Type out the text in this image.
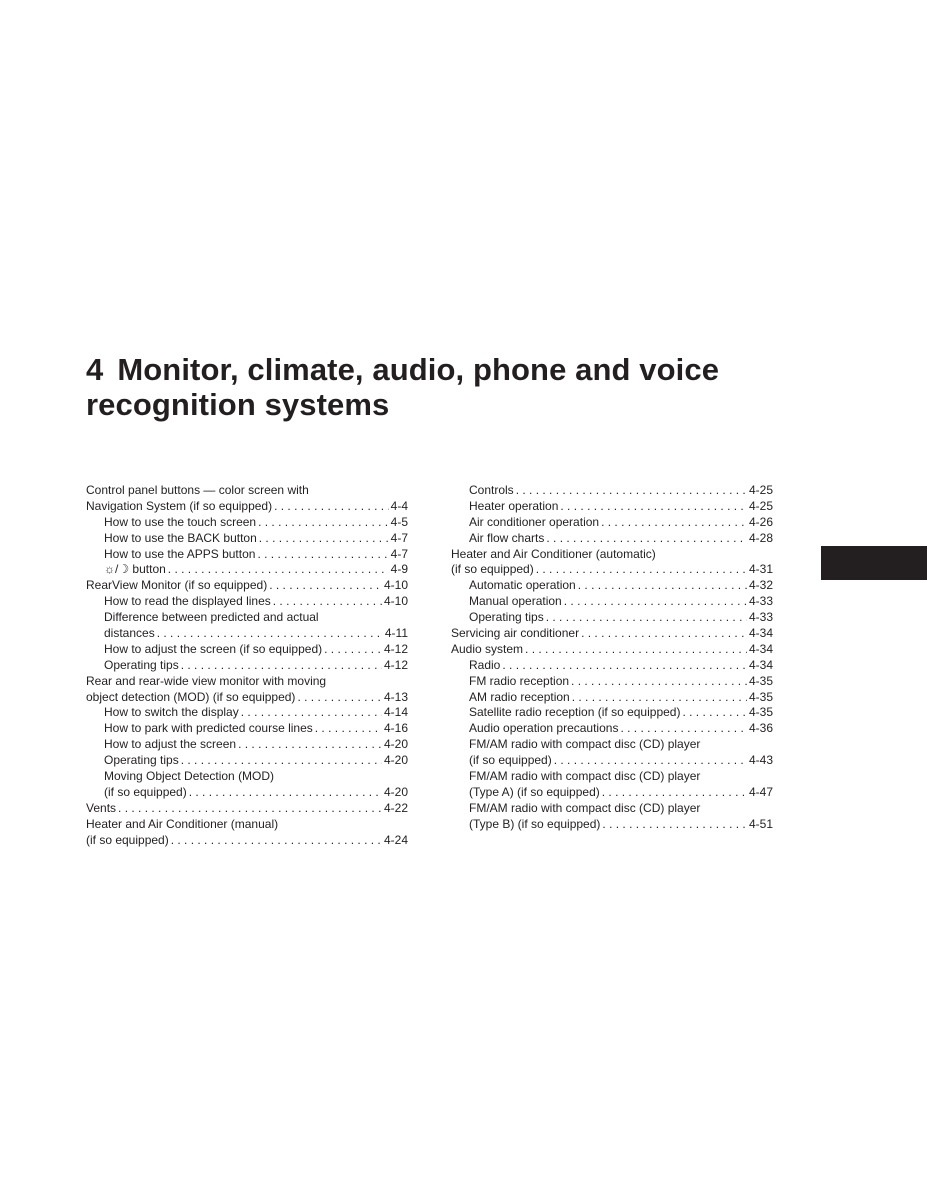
4 Monitor, climate, audio, phone and voice
recognition systems
Control panel buttons — color screen with
Navigation System (if so equipped) . . .	4-4
How to use the touch screen . . .	4-5
How to use the BACK button . . .	4-7
How to use the APPS button . . .	4-7
☼/☽ button . . .	4-9
RearView Monitor (if so equipped) . . .	4-10
How to read the displayed lines . . .	4-10
Difference between predicted and actual
distances . . .	4-11
How to adjust the screen (if so equipped) . . .	4-12
Operating tips . . .	4-12
Rear and rear-wide view monitor with moving
object detection (MOD) (if so equipped) . . .	4-13
How to switch the display . . .	4-14
How to park with predicted course lines . . .	4-16
How to adjust the screen . . .	4-20
Operating tips . . .	4-20
Moving Object Detection (MOD)
(if so equipped) . . .	4-20
Vents . . .	4-22
Heater and Air Conditioner (manual)
(if so equipped) . . .	4-24
Controls . . .	4-25
Heater operation . . .	4-25
Air conditioner operation . . .	4-26
Air flow charts . . .	4-28
Heater and Air Conditioner (automatic)
(if so equipped) . . .	4-31
Automatic operation . . .	4-32
Manual operation . . .	4-33
Operating tips . . .	4-33
Servicing air conditioner . . .	4-34
Audio system . . .	4-34
Radio . . .	4-34
FM radio reception . . .	4-35
AM radio reception . . .	4-35
Satellite radio reception (if so equipped) . . .	4-35
Audio operation precautions . . .	4-36
FM/AM radio with compact disc (CD) player
(if so equipped) . . .	4-43
FM/AM radio with compact disc (CD) player
(Type A) (if so equipped) . . .	4-47
FM/AM radio with compact disc (CD) player
(Type B) (if so equipped) . . .	4-51
